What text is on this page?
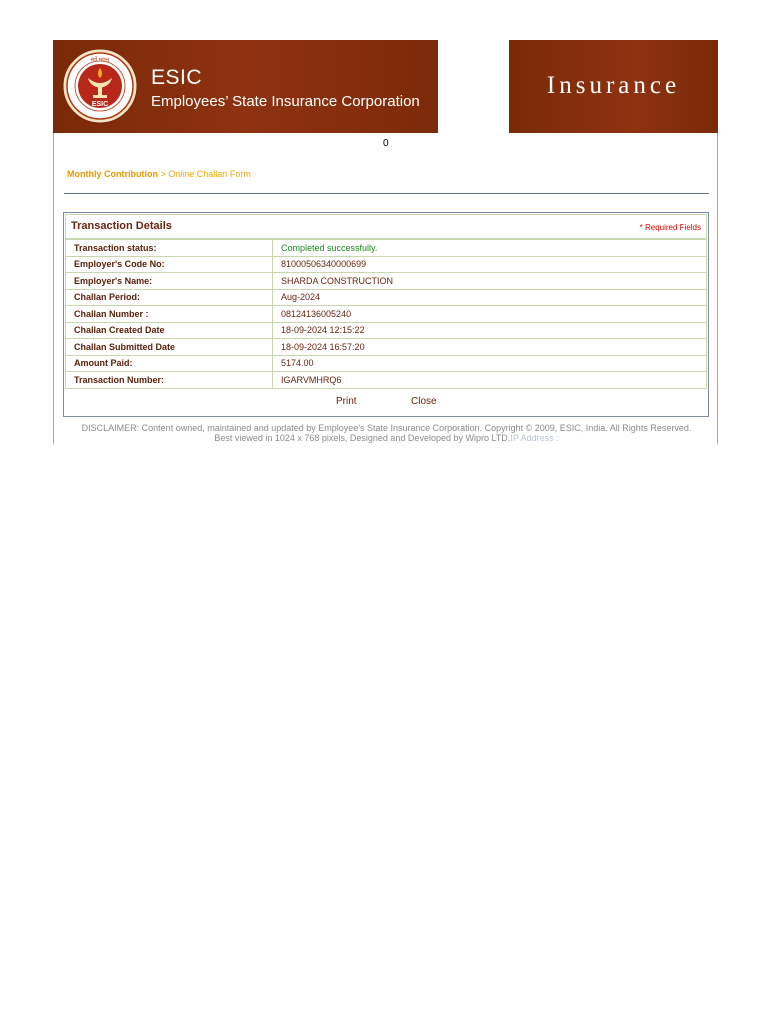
ESIC
सर्वे भवन्तु
ESIC
Employees’ State Insurance Corporation
Insurance
0
Monthly Contribution > Online Challan Form
Transaction Details	* Required Fields
Transaction status:	Completed successfully.
Employer's Code No:	81000506340000699
Employer's Name:	SHARDA CONSTRUCTION
Challan Period:	Aug-2024
Challan Number :	08124136005240
Challan Created Date	18-09-2024 12:15:22
Challan Submitted Date	18-09-2024 16:57:20
Amount Paid:	5174.00
Transaction Number:	IGARVMHRQ6
Print	Close
DISCLAIMER: Content owned, maintained and updated by Employee's State Insurance Corporation. Copyright © 2009, ESIC, India. All Rights Reserved.
Best viewed in 1024 x 768 pixels, Designed and Developed by Wipro LTD.IP Address :
